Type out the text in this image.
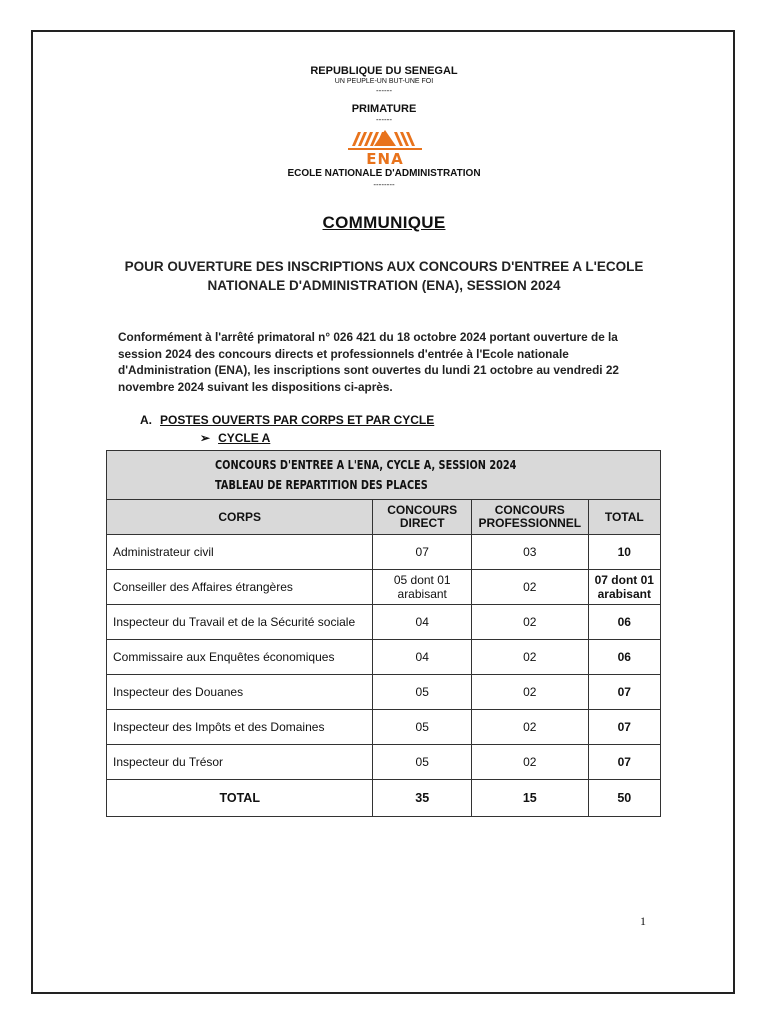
REPUBLIQUE DU SENEGAL
UN PEUPLE-UN BUT-UNE FOI
------
PRIMATURE
------
ENA
ECOLE NATIONALE D'ADMINISTRATION
--------
COMMUNIQUE
POUR OUVERTURE DES INSCRIPTIONS AUX CONCOURS D'ENTREE A L'ECOLE
NATIONALE D'ADMINISTRATION (ENA), SESSION 2024
Conformément à l'arrêté primatoral n° 026 421 du 18 octobre 2024 portant ouverture de la session 2024 des concours directs et professionnels d'entrée à l'Ecole nationale d'Administration (ENA), les inscriptions sont ouvertes du lundi 21 octobre au vendredi 22 novembre 2024 suivant les dispositions ci-après.
A. POSTES OUVERTS PAR CORPS ET PAR CYCLE
➢ CYCLE A
CONCOURS D'ENTREE A L'ENA, CYCLE A, SESSION 2024
TABLEAU DE REPARTITION DES PLACES			

CORPS	CONCOURS DIRECT	CONCOURS PROFESSIONNEL	TOTAL
Administrateur civil	07	03	10
Conseiller des Affaires étrangères	05 dont 01 arabisant	02	07 dont 01 arabisant
Inspecteur du Travail et de la Sécurité sociale	04	02	06
Commissaire aux Enquêtes économiques	04	02	06
Inspecteur des Douanes	05	02	07
Inspecteur des Impôts et des Domaines	05	02	07
Inspecteur du Trésor	05	02	07
TOTAL	35	15	50
1
